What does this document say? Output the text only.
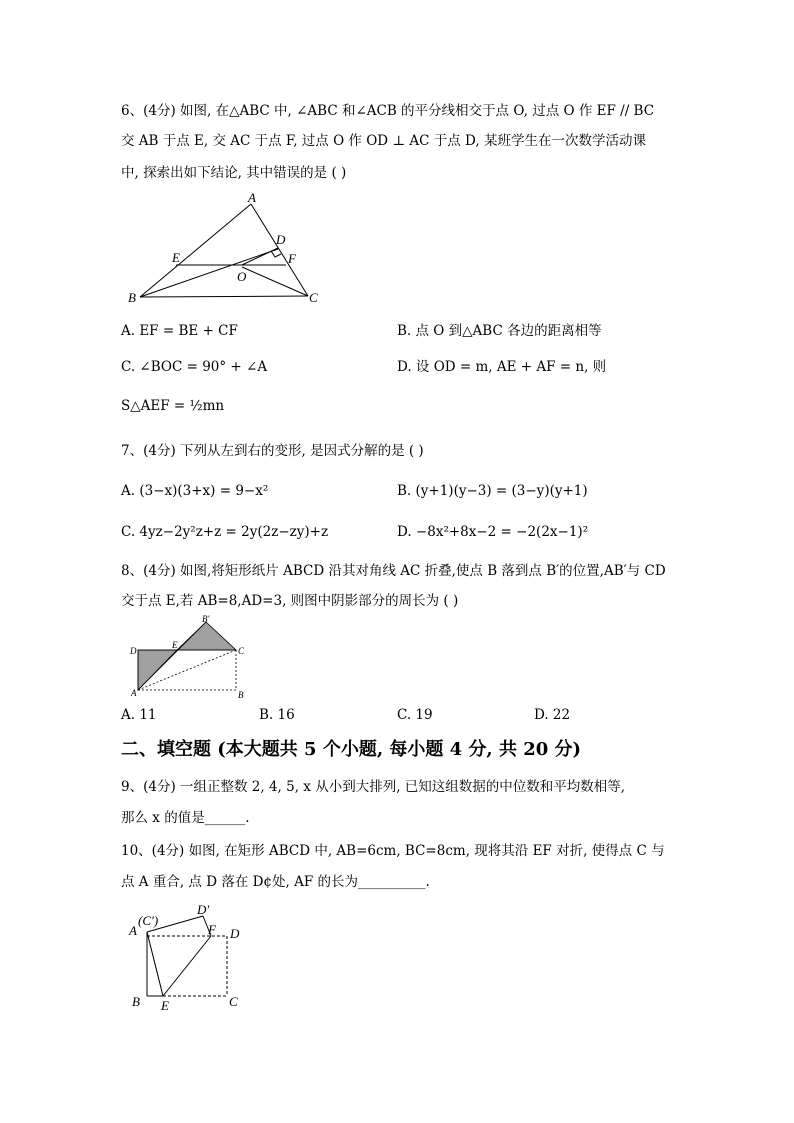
6、(4分) 如图, 在△ABC 中, ∠ABC 和∠ACB 的平分线相交于点 O, 过点 O 作 EF // BC
交 AB 于点 E, 交 AC 于点 F, 过点 O 作 OD ⊥ AC 于点 D, 某班学生在一次数学活动课
中, 探索出如下结论, 其中错误的是 ( )
A
D
E	F
O
B	C
A. EF = BE + CF	B. 点 O 到△ABC 各边的距离相等
C. ∠BOC = 90° + ∠A	D. 设 OD = m, AE + AF = n, 则
S△AEF = ½mn
7、(4分) 下列从左到右的变形, 是因式分解的是 ( )
A. (3−x)(3+x) = 9−x²	B. (y+1)(y−3) = (3−y)(y+1)
C. 4yz−2y²z+z = 2y(2z−zy)+z	D. −8x²+8x−2 = −2(2x−1)²
8、(4分) 如图,将矩形纸片 ABCD 沿其对角线 AC 折叠,使点 B 落到点 B′的位置,AB′与 CD
交于点 E,若 AB=8,AD=3, 则图中阴影部分的周长为 ( )
D
E
B′
C
A	B
A. 11	B. 16	C. 19	D. 22
二、填空题 (本大题共 5 个小题, 每小题 4 分, 共 20 分)
9、(4分) 一组正整数 2, 4, 5, x 从小到大排列, 已知这组数据的中位数和平均数相等,
那么 x 的值是______.
10、(4分) 如图, 在矩形 ABCD 中, AB=6cm, BC=8cm, 现将其沿 EF 对折, 使得点 C 与
点 A 重合, 点 D 落在 D¢处, AF 的长为__________.
A
(C′)
D′
F D
B E	C
